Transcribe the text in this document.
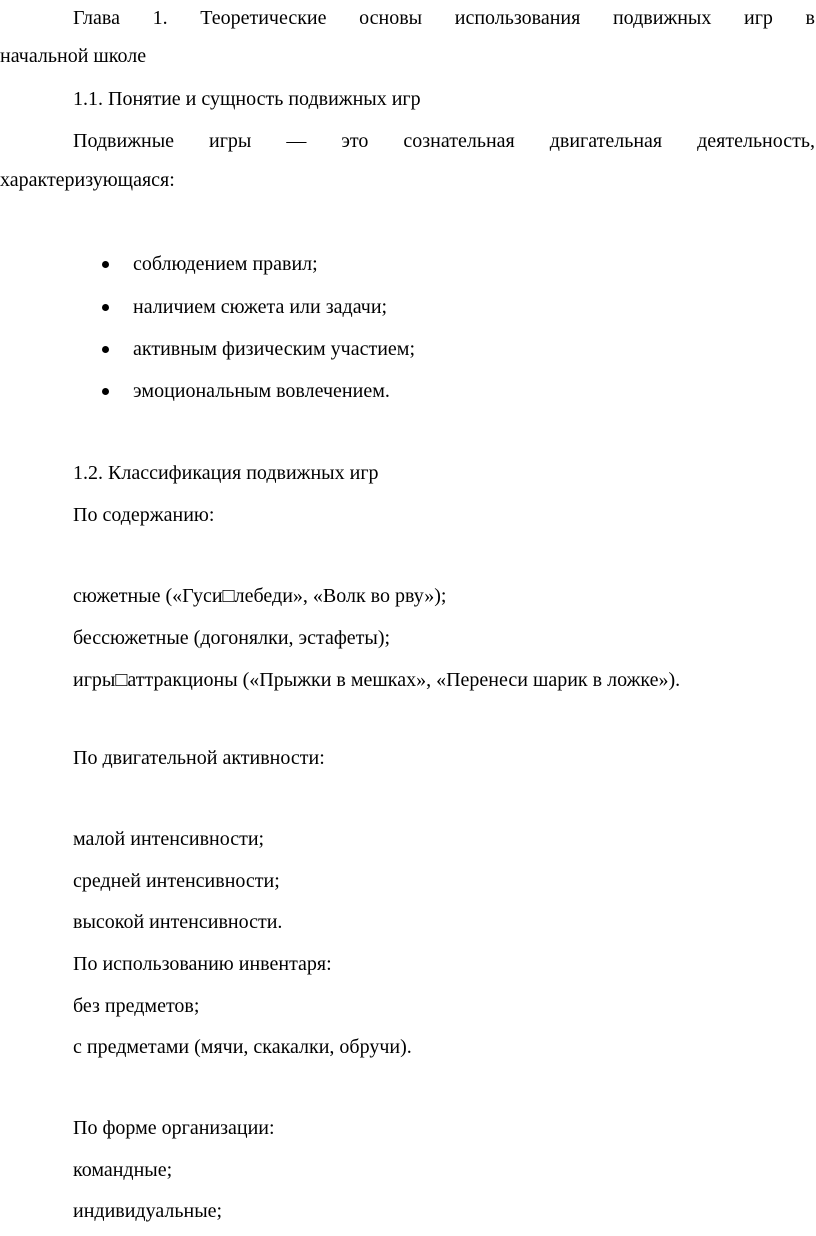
Глава 1. Теоретические основы использования подвижных игр в
начальной школе
1.1. Понятие и сущность подвижных игр
Подвижные игры — это сознательная двигательная деятельность,
характеризующаяся:
соблюдением правил;
наличием сюжета или задачи;
активным физическим участием;
эмоциональным вовлечением.
1.2. Классификация подвижных игр
По содержанию:
сюжетные («Гуси□лебеди», «Волк во рву»);
бессюжетные (догонялки, эстафеты);
игры□аттракционы («Прыжки в мешках», «Перенеси шарик в ложке»).
По двигательной активности:
малой интенсивности;
средней интенсивности;
высокой интенсивности.
По использованию инвентаря:
без предметов;
с предметами (мячи, скакалки, обручи).
По форме организации:
командные;
индивидуальные;
